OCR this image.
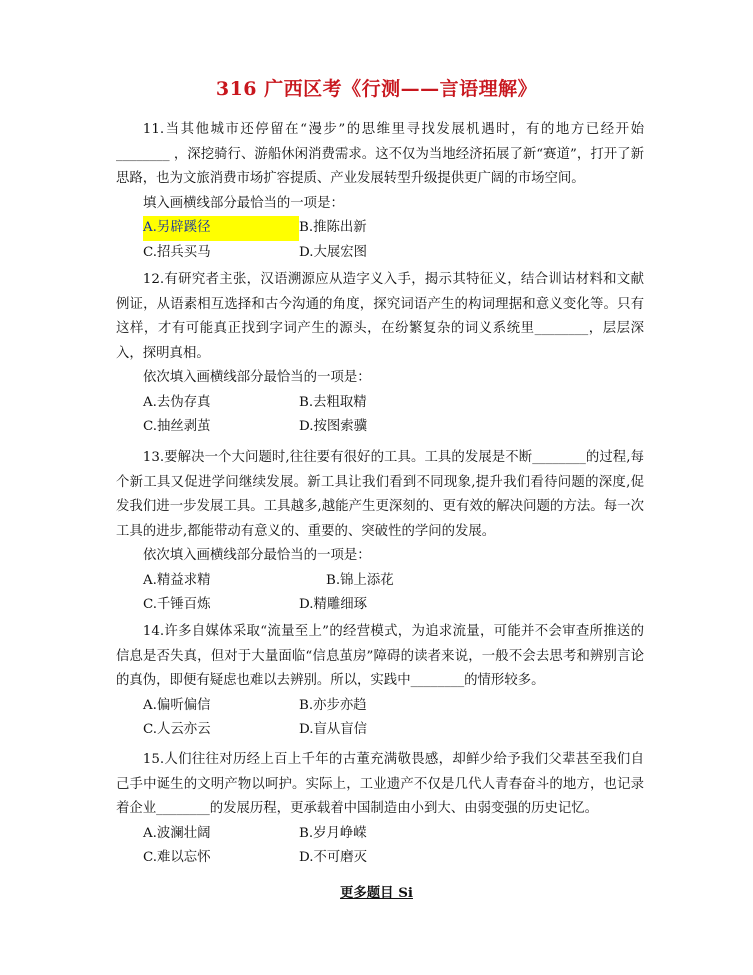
316 广西区考《行测——言语理解》

11.当其他城市还停留在“漫步”的思维里寻找发展机遇时，有的地方已经开始________ ，深挖骑行、游船休闲消费需求。这不仅为当地经济拓展了新“赛道”，打开了新思路，也为文旅消费市场扩容提质、产业发展转型升级提供更广阔的市场空间。

填入画横线部分最恰当的一项是：
A.另辟蹊径	B.推陈出新
C.招兵买马	D.大展宏图

12.有研究者主张，汉语溯源应从造字义入手，揭示其特征义，结合训诂材料和文献例证，从语素相互选择和古今沟通的角度，探究词语产生的构词理据和意义变化等。只有这样，才有可能真正找到字词产生的源头，在纷繁复杂的词义系统里________，层层深入，探明真相。

依次填入画横线部分最恰当的一项是：
A.去伪存真	B.去粗取精
C.抽丝剥茧	D.按图索骥

13.要解决一个大问题时,往往要有很好的工具。工具的发展是不断________的过程,每个新工具又促进学问继续发展。新工具让我们看到不同现象,提升我们看待问题的深度,促发我们进一步发展工具。工具越多,越能产生更深刻的、更有效的解决问题的方法。每一次工具的进步,都能带动有意义的、重要的、突破性的学问的发展。

依次填入画横线部分最恰当的一项是：
A.精益求精	B.锦上添花
C.千锤百炼	D.精雕细琢

14.许多自媒体采取“流量至上”的经营模式，为追求流量，可能并不会审查所推送的信息是否失真，但对于大量面临“信息茧房”障碍的读者来说，一般不会去思考和辨别言论的真伪，即便有疑虑也难以去辨别。所以，实践中________的情形较多。

A.偏听偏信	B.亦步亦趋
C.人云亦云	D.盲从盲信

15.人们往往对历经上百上千年的古董充满敬畏感，却鲜少给予我们父辈甚至我们自己手中诞生的文明产物以呵护。实际上，工业遗产不仅是几代人青春奋斗的地方，也记录着企业________的发展历程，更承载着中国制造由小到大、由弱变强的历史记忆。

A.波澜壮阔	B.岁月峥嵘
C.难以忘怀	D.不可磨灭
更多题目 Si
